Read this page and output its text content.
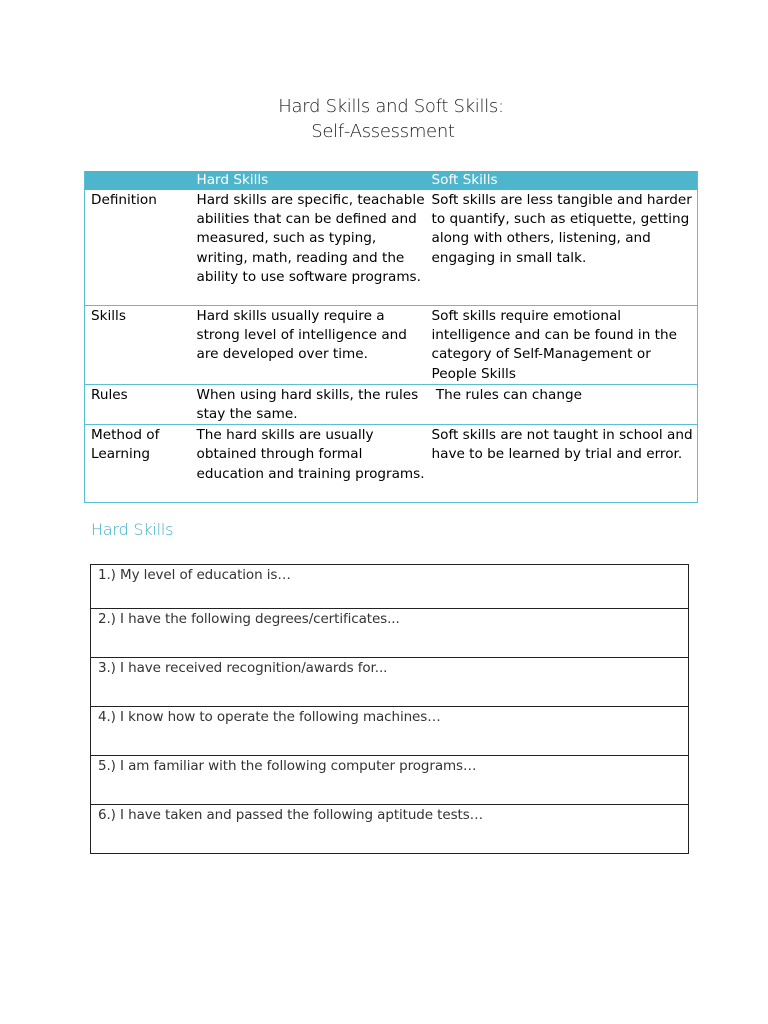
Hard Skills and Soft Skills:
Self-Assessment
	Hard Skills	Soft Skills
Definition	Hard skills are specific, teachable abilities that can be defined and measured, such as typing, writing, math, reading and the ability to use software programs.	Soft skills are less tangible and harder to quantify, such as etiquette, getting along with others, listening, and engaging in small talk.
Skills	Hard skills usually require a strong level of intelligence and are developed over time.	Soft skills require emotional intelligence and can be found in the category of Self-Management or People Skills
Rules	When using hard skills, the rules stay the same.	The rules can change
Method of Learning	The hard skills are usually obtained through formal education and training programs.	Soft skills are not taught in school and have to be learned by trial and error.
Hard Skills
1.) My level of education is…
2.) I have the following degrees/certificates...
3.) I have received recognition/awards for...
4.) I know how to operate the following machines…
5.) I am familiar with the following computer programs…
6.) I have taken and passed the following aptitude tests…
